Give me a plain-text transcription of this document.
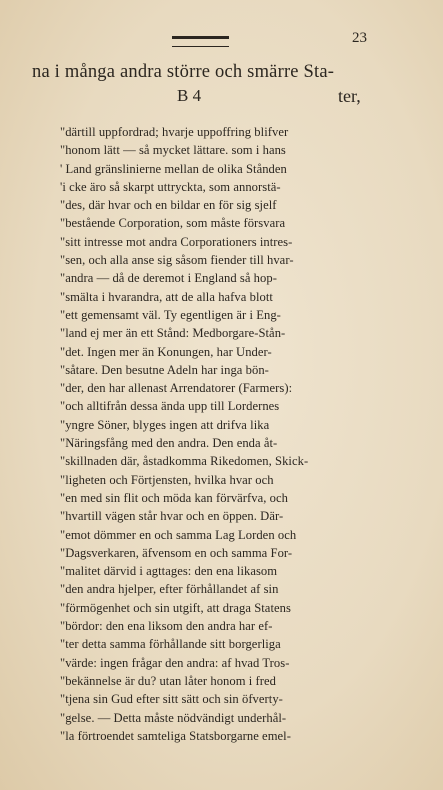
23
na i många andra större och smärre Sta-
B 4	ter,
"därtill uppfordrad; hvarje uppoffring blifver
"honom lätt — så mycket lättare. som i hans
' Land gränslinierne mellan de olika Stånden
'i cke äro så skarpt uttryckta, som annorstä-
"des, där hvar och en bildar en för sig sjelf
"bestående Corporation, som måste försvara
"sitt intresse mot andra Corporationers intres-
"sen, och alla anse sig såsom fiender till hvar-
"andra — då de deremot i England så hop-
"smälta i hvarandra, att de alla hafva blott
"ett gemensamt väl. Ty egentligen är i Eng-
"land ej mer än ett Stånd: Medborgare-Stån-
"det. Ingen mer än Konungen, har Under-
"såtare. Den besutne Adeln har inga bön-
"der, den har allenast Arrendatorer (Farmers):
"och alltifrån dessa ända upp till Lordernes
"yngre Söner, blyges ingen att drifva lika
"Näringsfång med den andra. Den enda åt-
"skillnaden där, åstadkomma Rikedomen, Skick-
"ligheten och Förtjensten, hvilka hvar och
"en med sin flit och möda kan förvärfva, och
"hvartill vägen står hvar och en öppen. Där-
"emot dömmer en och samma Lag Lorden och
"Dagsverkaren, äfvensom en och samma For-
"malitet därvid i agttages: den ena likasom
"den andra hjelper, efter förhållandet af sin
"förmögenhet och sin utgift, att draga Statens
"bördor: den ena liksom den andra har ef-
"ter detta samma förhållande sitt borgerliga
"värde: ingen frågar den andra: af hvad Tros-
"bekännelse är du? utan låter honom i fred
"tjena sin Gud efter sitt sätt och sin öfverty-
"gelse. — Detta måste nödvändigt underhål-
"la förtroendet samteliga Statsborgarne emel-
